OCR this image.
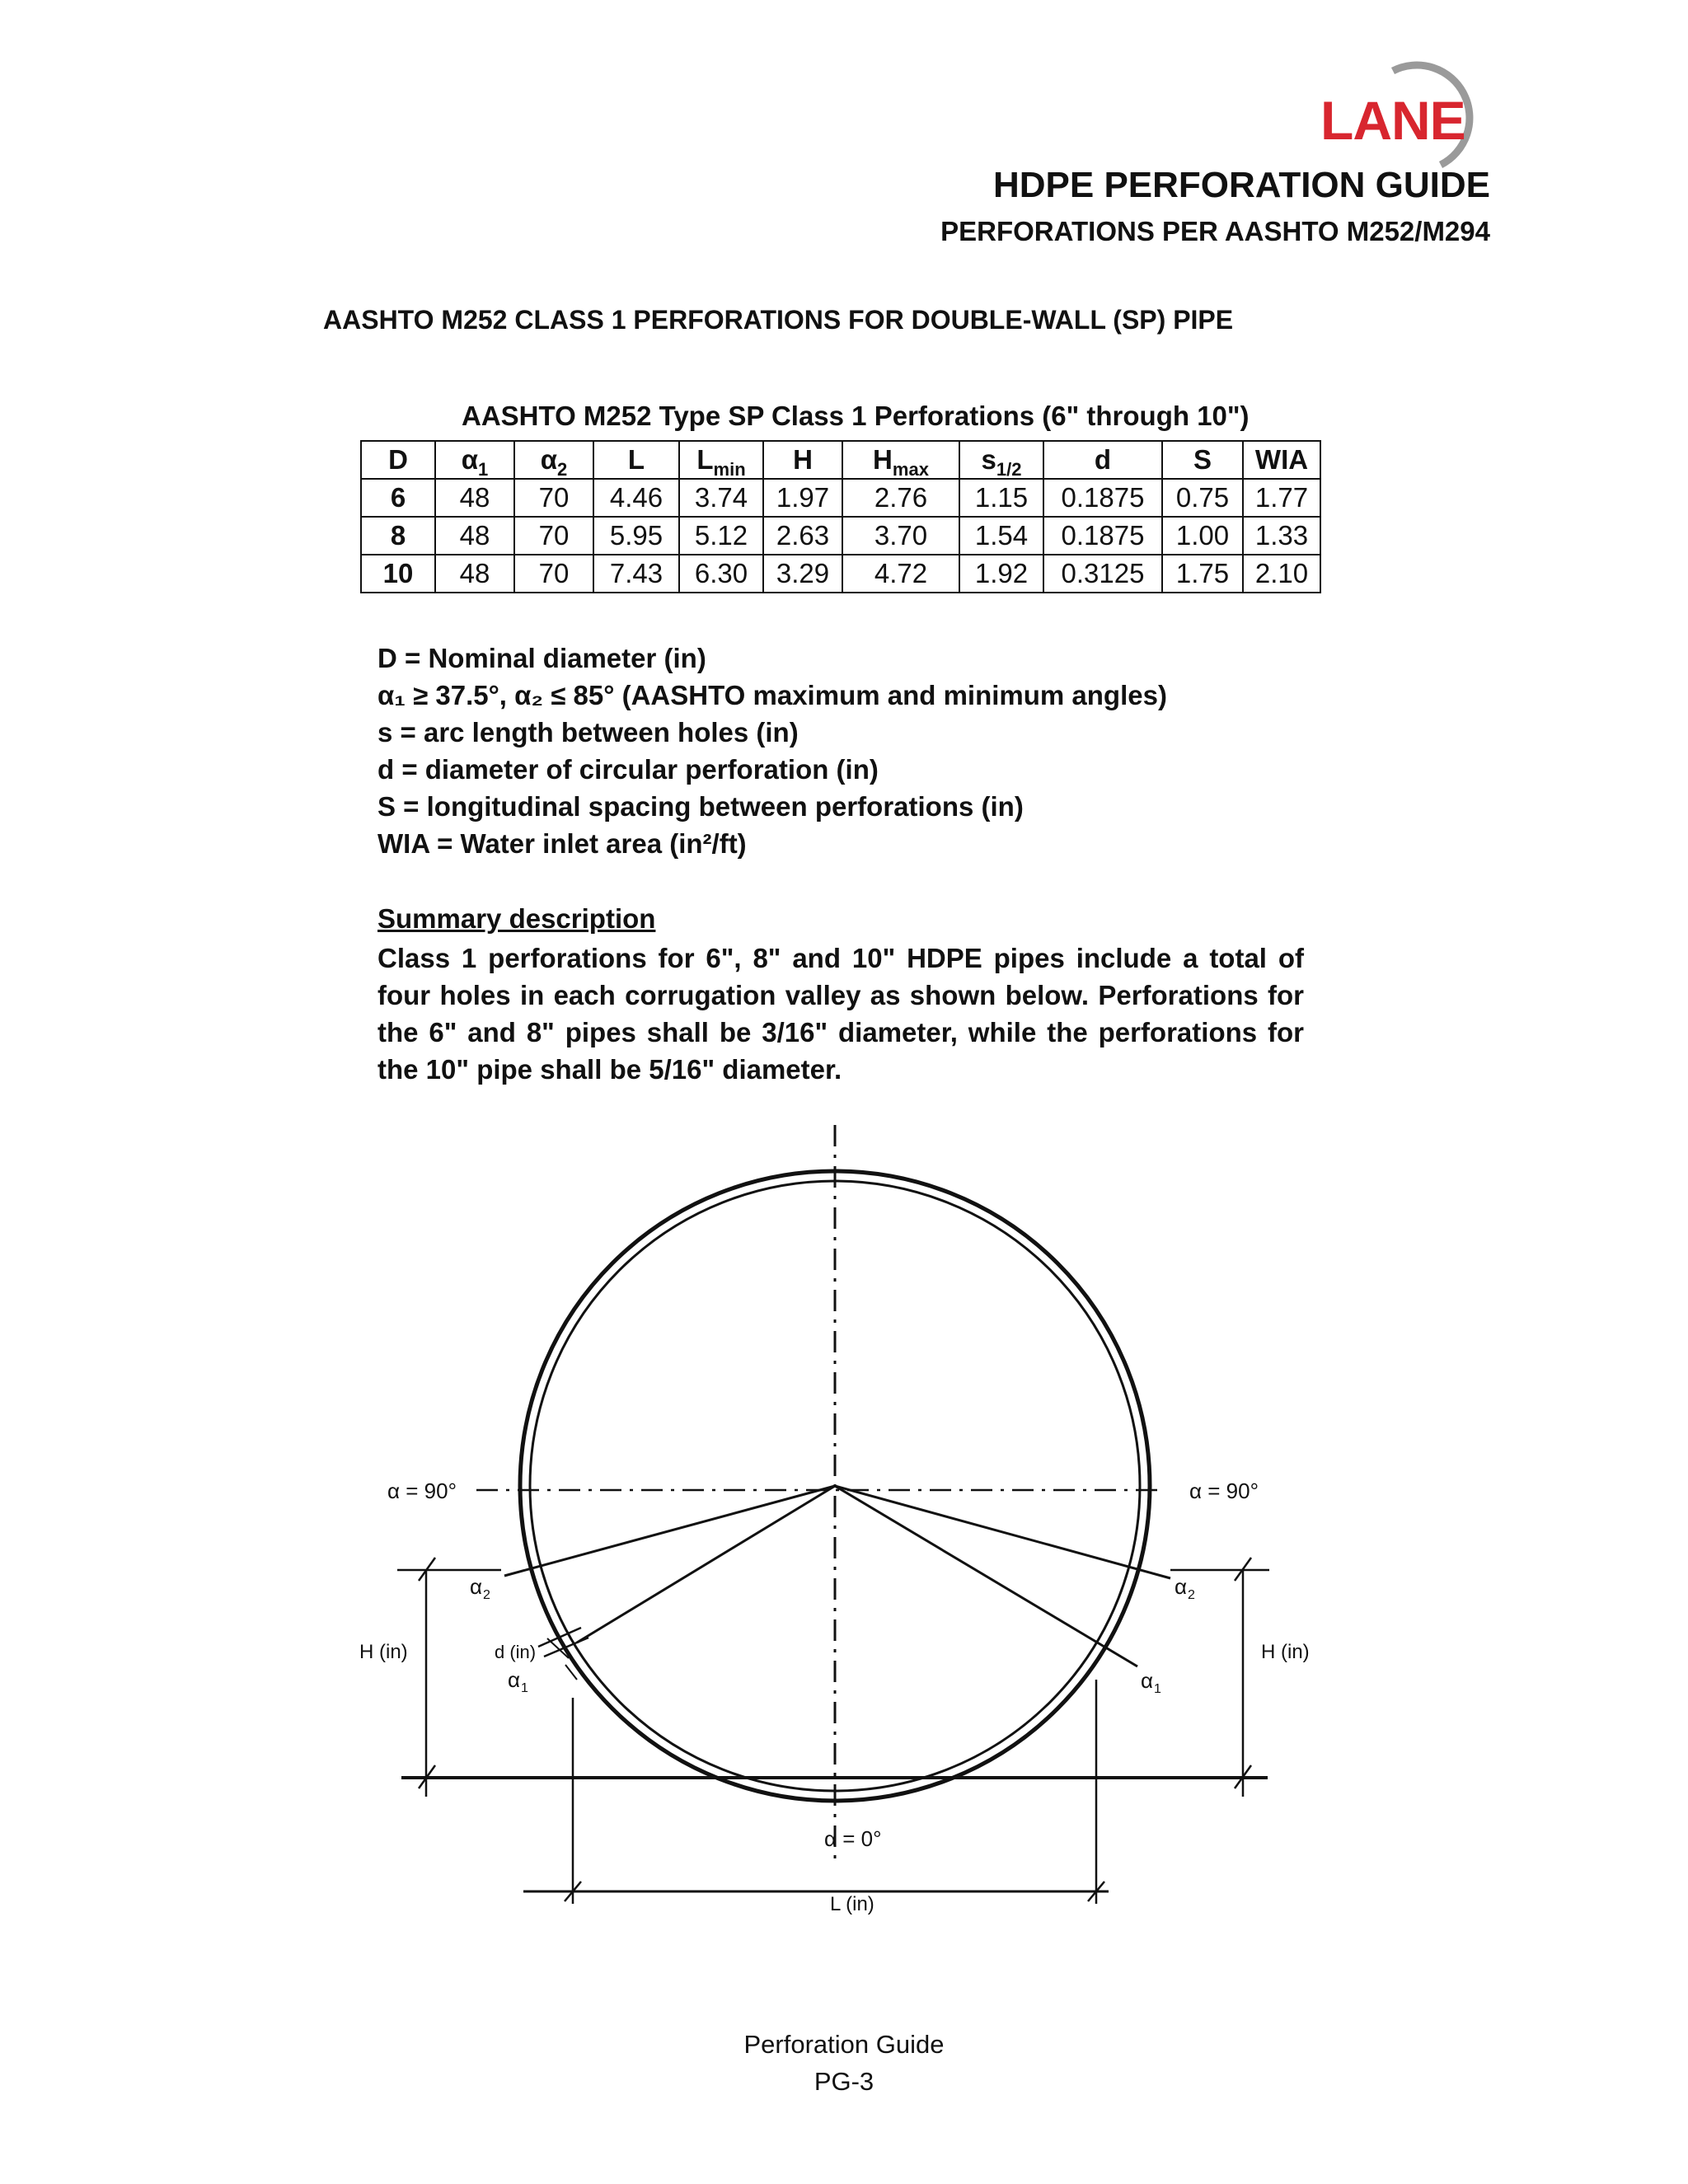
LANE
HDPE PERFORATION GUIDE
PERFORATIONS PER AASHTO M252/M294
AASHTO M252 CLASS 1 PERFORATIONS FOR DOUBLE-WALL (SP) PIPE
AASHTO M252 Type SP Class 1 Perforations (6" through 10")
D	$\alpha_1$	$\alpha_2$	L	$L_{min}$	H	$H_{max}$	$s_{1/2}$	d	S	WIA
6	48	70	4.46	3.74	1.97	2.76	1.15	0.1875	0.75	1.77
8	48	70	5.95	5.12	2.63	3.70	1.54	0.1875	1.00	1.33
10	48	70	7.43	6.30	3.29	4.72	1.92	0.3125	1.75	2.10
D = Nominal diameter (in)
α₁ ≥ 37.5°, α₂ ≤ 85° (AASHTO maximum and minimum angles)
s = arc length between holes (in)
d = diameter of circular perforation (in)
S = longitudinal spacing between perforations (in)
WIA = Water inlet area (in²/ft)
Summary description
Class 1 perforations for 6", 8" and 10" HDPE pipes include a total of four holes in each corrugation valley as shown below. Perforations for the 6" and 8" pipes shall be 3/16" diameter, while the perforations for the 10" pipe shall be 5/16" diameter.
α = 90°	α = 90°
α = 0°
H (in)	H (in)
d (in)
L (in)
α 2
α 1
α 2
α 1
Perforation Guide
PG-3
